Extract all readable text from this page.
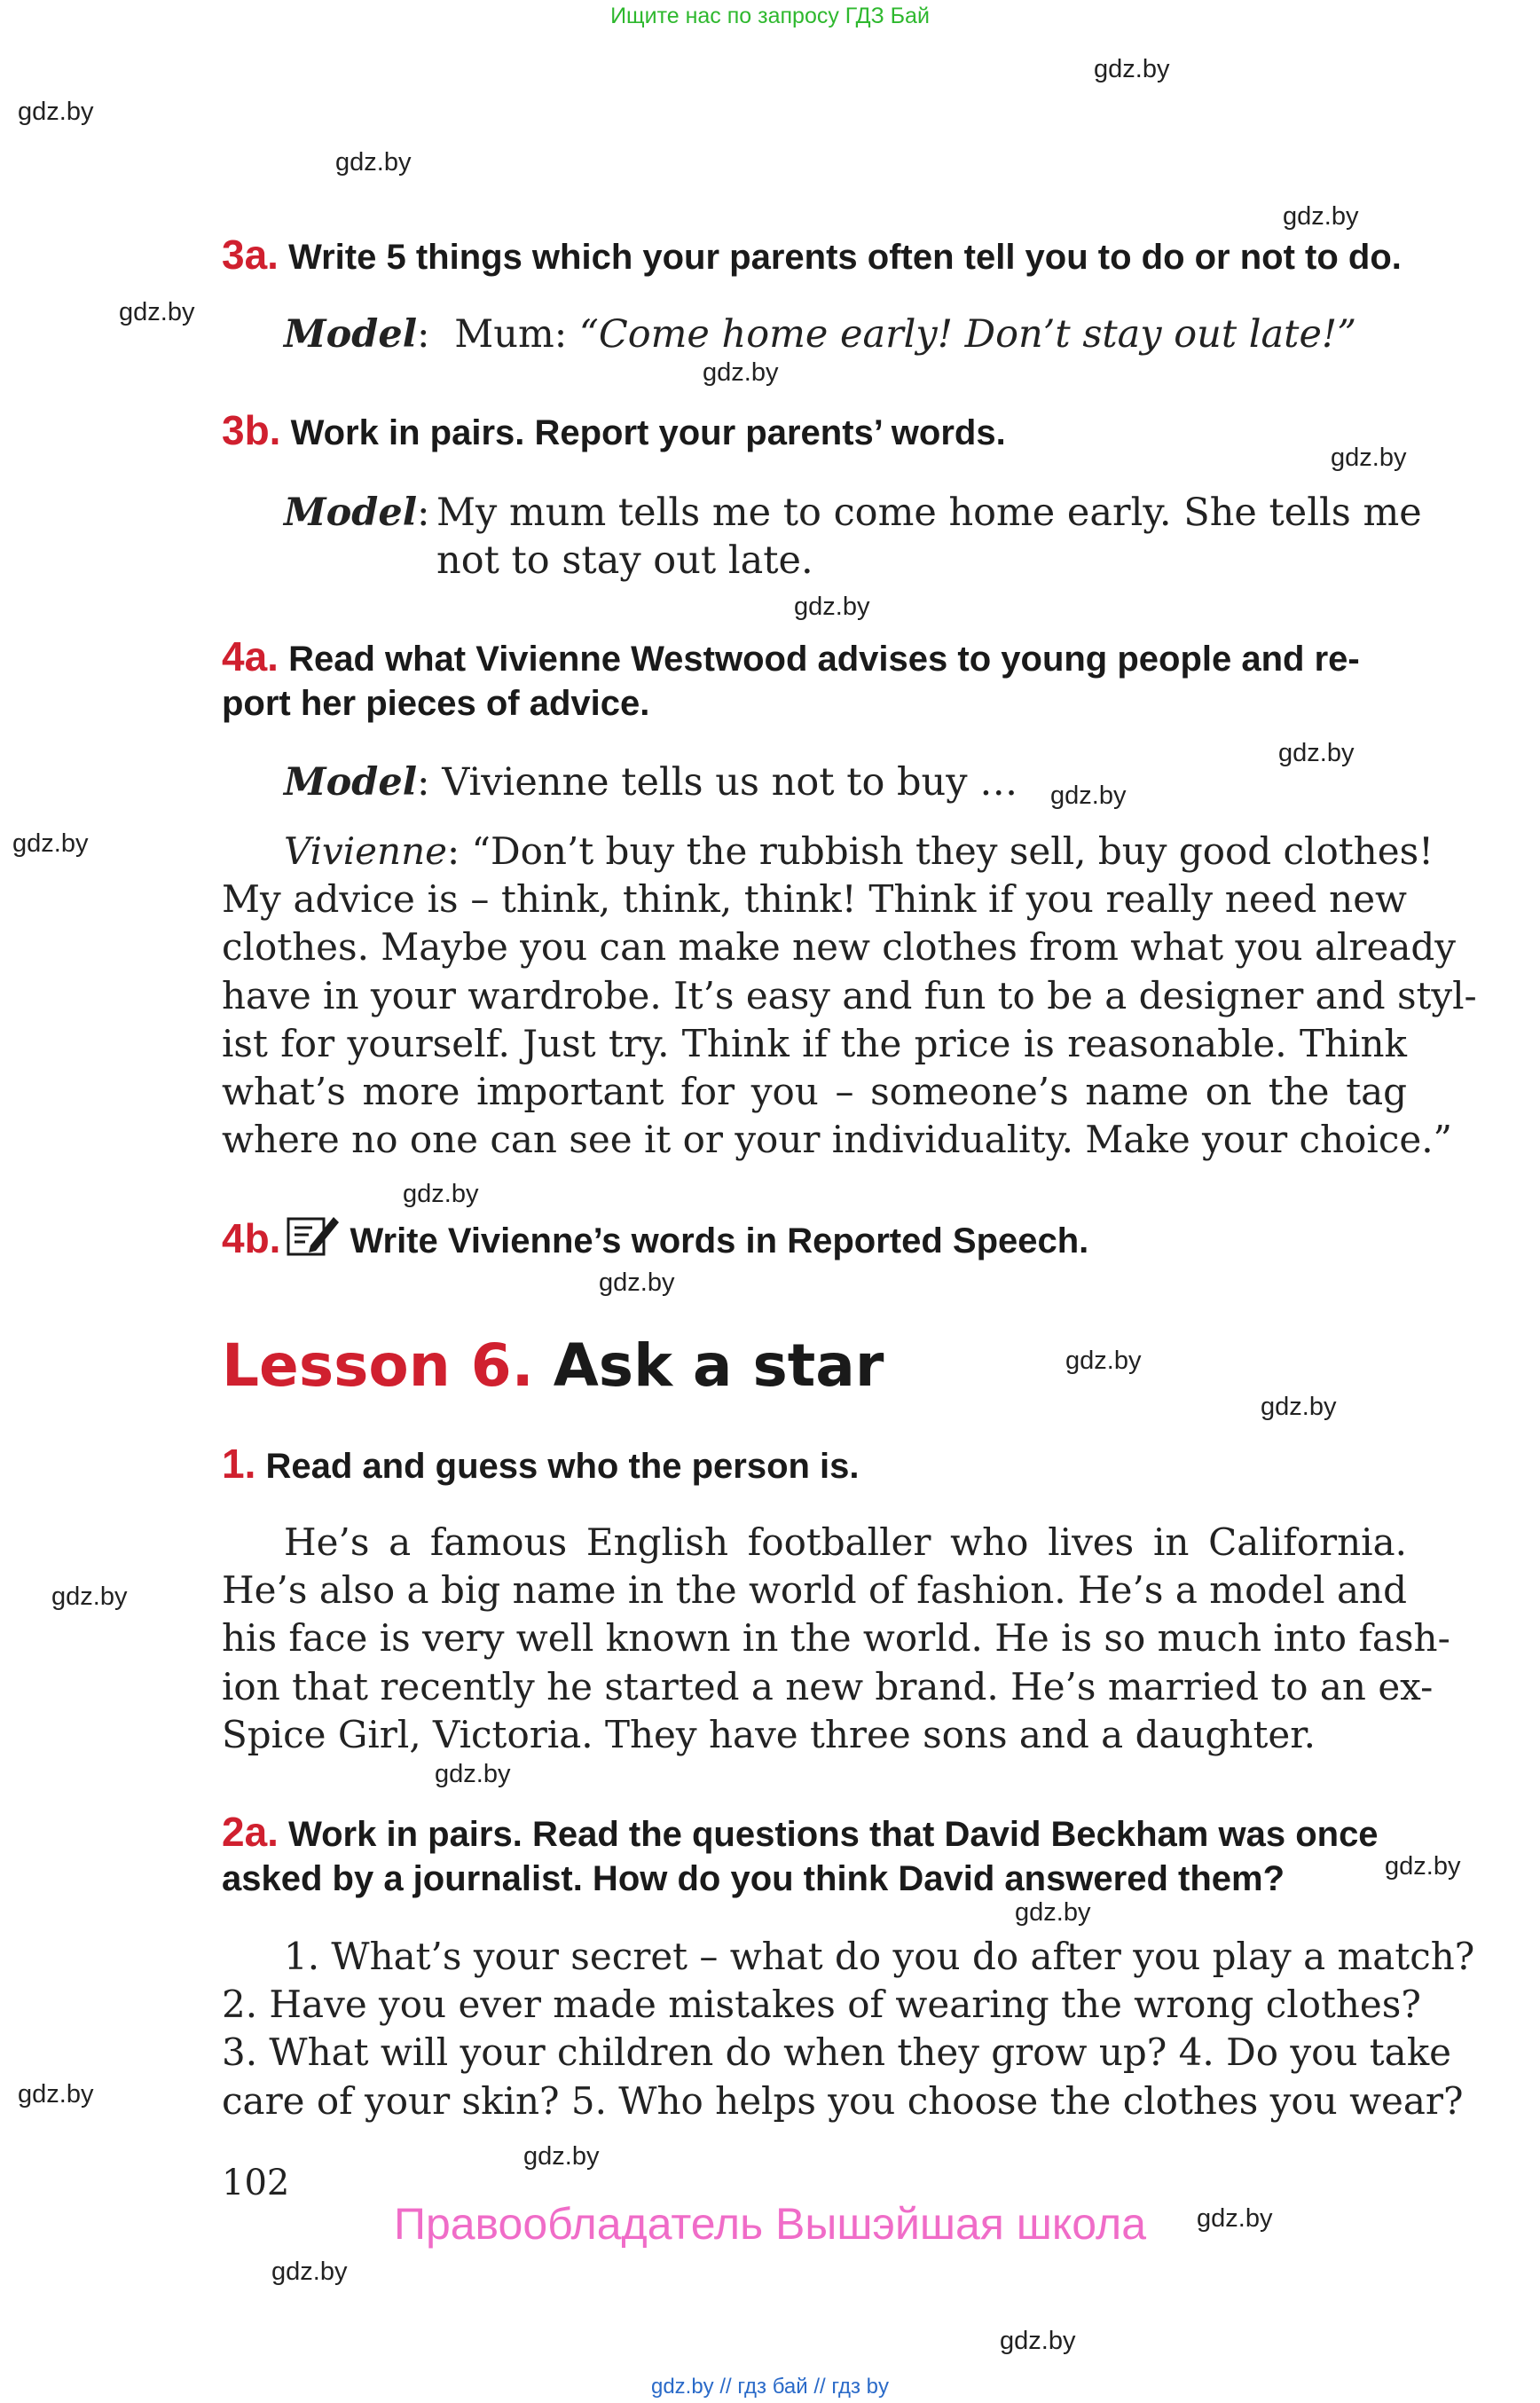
Ищите нас по запросу ГДЗ Бай
gdz.by
gdz.by
gdz.by
gdz.by
gdz.by
gdz.by
gdz.by
gdz.by
gdz.by
gdz.by
gdz.by
gdz.by
gdz.by
gdz.by
gdz.by
gdz.by
gdz.by
gdz.by
gdz.by
gdz.by
gdz.by
gdz.by
gdz.by
gdz.by
3a. Write 5 things which your parents often tell you to do or not to do.
Model: Mum: “Come home early! Don’t stay out late!”
3b. Work in pairs. Report your parents’ words.
Model: My mum tells me to come home early. She tells me
not to stay out late.
4a. Read what Vivienne Westwood advises to young people and re-
port her pieces of advice.
Model: Vivienne tells us not to buy …
Vivienne: “Don’t buy the rubbish they sell, buy good clothes!
My advice is – think, think, think! Think if you really need new
clothes. Maybe you can make new clothes from what you already
have in your wardrobe. It’s easy and fun to be a designer and styl-
ist for yourself. Just try. Think if the price is reasonable. Think
what’s more important for you – someone’s name on the tag
where no one can see it or your individuality. Make your choice.”
4b. Write Vivienne’s words in Reported Speech.
Lesson 6. Ask a star
1. Read and guess who the person is.
He’s a famous English footballer who lives in California.
He’s also a big name in the world of fashion. He’s a model and
his face is very well known in the world. He is so much into fash-
ion that recently he started a new brand. He’s married to an ex-
Spice Girl, Victoria. They have three sons and a daughter.
2a. Work in pairs. Read the questions that David Beckham was once
asked by a journalist. How do you think David answered them?
1. What’s your secret – what do you do after you play a match?
2. Have you ever made mistakes of wearing the wrong clothes?
3. What will your children do when they grow up? 4. Do you take
care of your skin? 5. Who helps you choose the clothes you wear?
102
Правообладатель Вышэйшая школа
gdz.by // гдз бай // гдз by
